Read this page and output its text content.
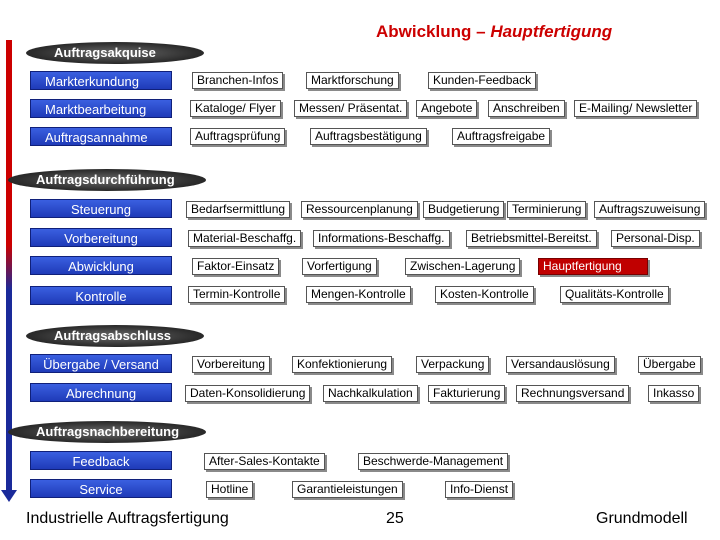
Abwicklung – Hauptfertigung
Auftragsakquise
Markterkundung	Branchen-Infos	Marktforschung	Kunden-Feedback
Marktbearbeitung	Kataloge/ Flyer	Messen/ Präsentat.	Angebote	Anschreiben	E-Mailing/ Newsletter
Auftragsannahme	Auftragsprüfung	Auftragsbestätigung	Auftragsfreigabe
Auftragsdurchführung
Steuerung	Bedarfsermittlung	Ressourcenplanung	Budgetierung	Terminierung	Auftragszuweisung
Vorbereitung	Material-Beschaffg.	Informations-Beschaffg.	Betriebsmittel-Bereitst.	Personal-Disp.
Abwicklung	Faktor-Einsatz	Vorfertigung	Zwischen-Lagerung	Hauptfertigung
Kontrolle	Termin-Kontrolle	Mengen-Kontrolle	Kosten-Kontrolle	Qualitäts-Kontrolle
Auftragsabschluss
Übergabe / Versand	Vorbereitung	Konfektionierung	Verpackung	Versandauslösung	Übergabe
Abrechnung	Daten-Konsolidierung	Nachkalkulation	Fakturierung	Rechnungsversand	Inkasso
Auftragsnachbereitung
Feedback	After-Sales-Kontakte	Beschwerde-Management
Service	Hotline	Garantieleistungen	Info-Dienst
Industrielle Auftragsfertigung	25	Grundmodell
